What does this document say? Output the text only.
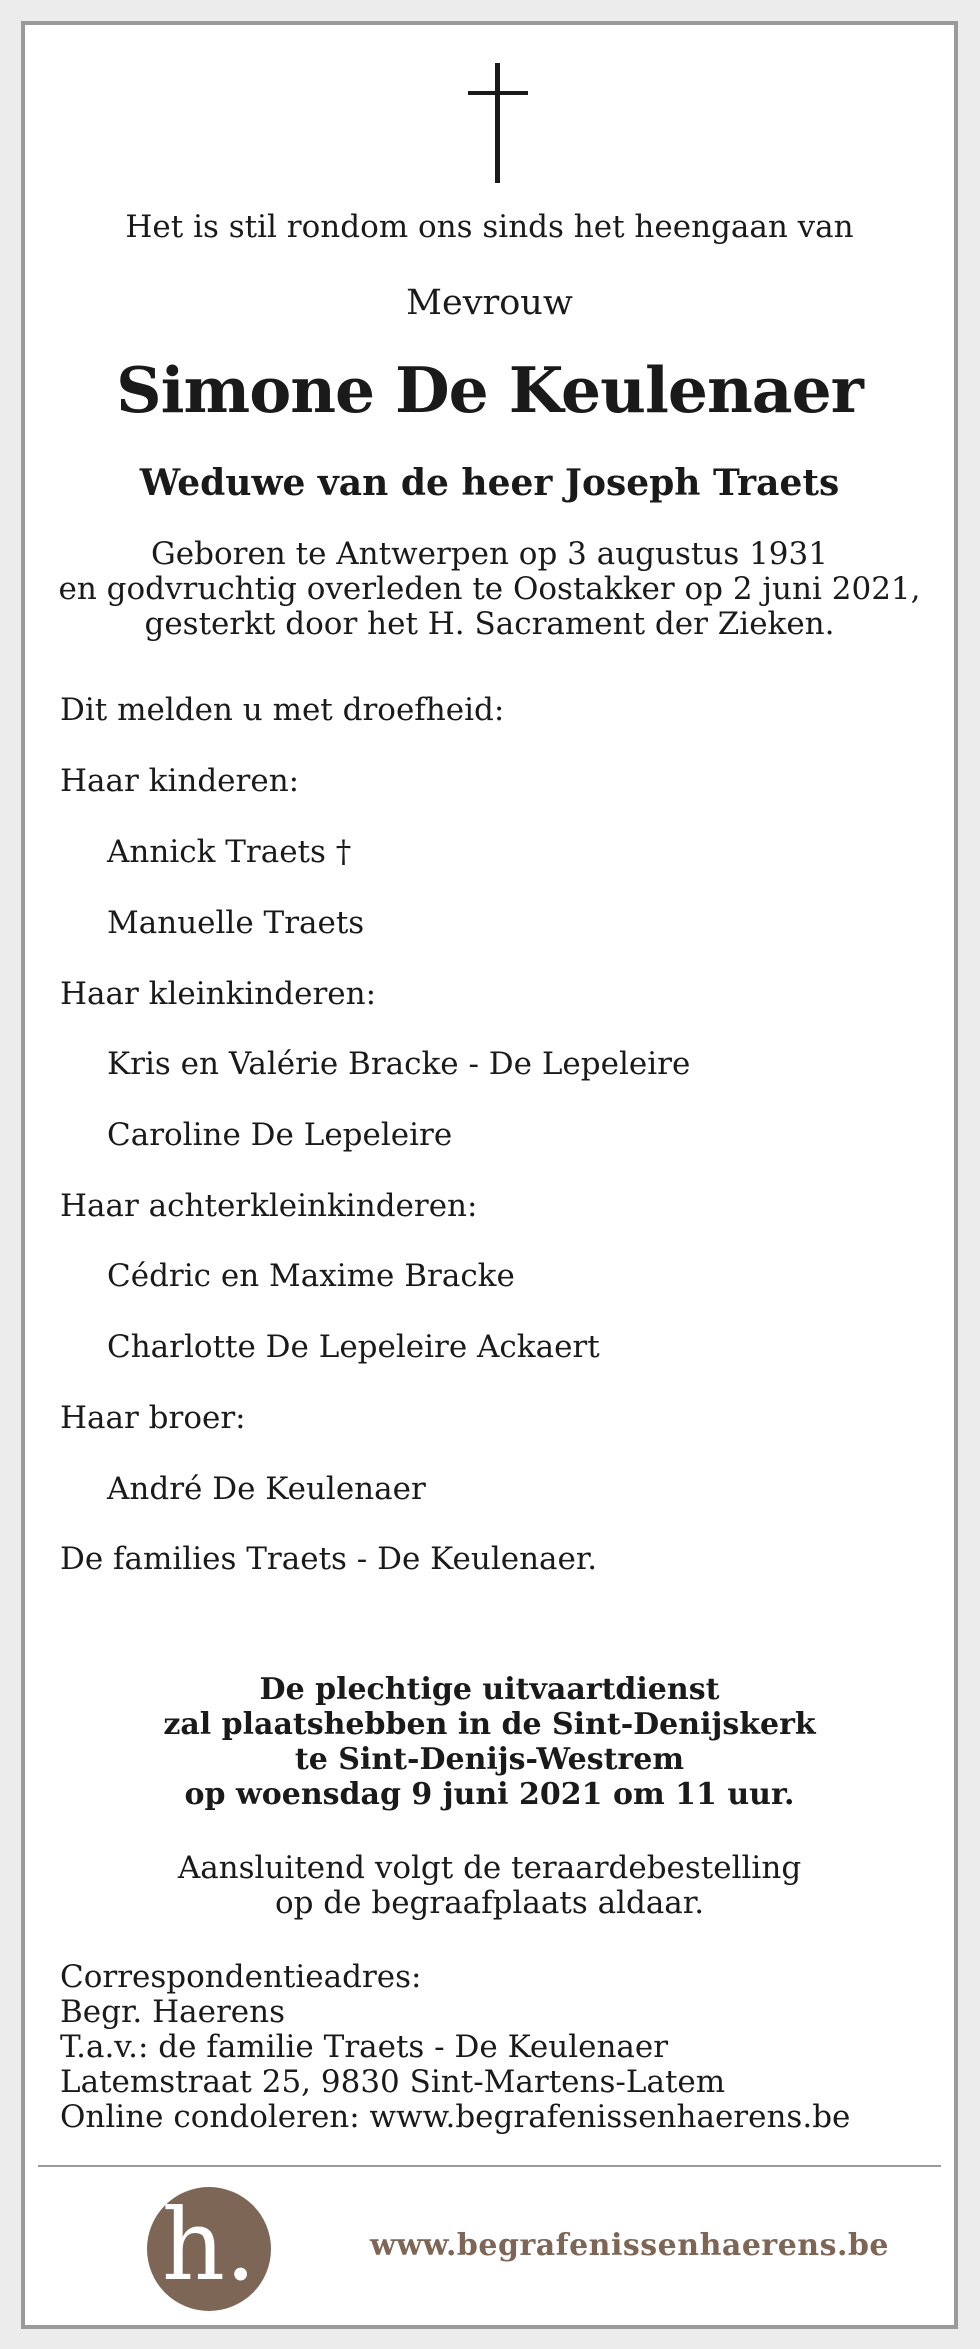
Het is stil rondom ons sinds het heengaan van
Mevrouw
Simone De Keulenaer
Weduwe van de heer Joseph Traets
Geboren te Antwerpen op 3 augustus 1931
en godvruchtig overleden te Oostakker op 2 juni 2021,
gesterkt door het H. Sacrament der Zieken.
Dit melden u met droefheid:
Haar kinderen:
Annick Traets †
Manuelle Traets
Haar kleinkinderen:
Kris en Valérie Bracke - De Lepeleire
Caroline De Lepeleire
Haar achterkleinkinderen:
Cédric en Maxime Bracke
Charlotte De Lepeleire Ackaert
Haar broer:
André De Keulenaer
De families Traets - De Keulenaer.
De plechtige uitvaartdienst
zal plaatshebben in de Sint-Denijskerk
te Sint-Denijs-Westrem
op woensdag 9 juni 2021 om 11 uur.
Aansluitend volgt de teraardebestelling
op de begraafplaats aldaar.
Correspondentieadres:
Begr. Haerens
T.a.v.: de familie Traets - De Keulenaer
Latemstraat 25, 9830 Sint-Martens-Latem
Online condoleren: www.begrafenissenhaerens.be
h.	www.begrafenissenhaerens.be
